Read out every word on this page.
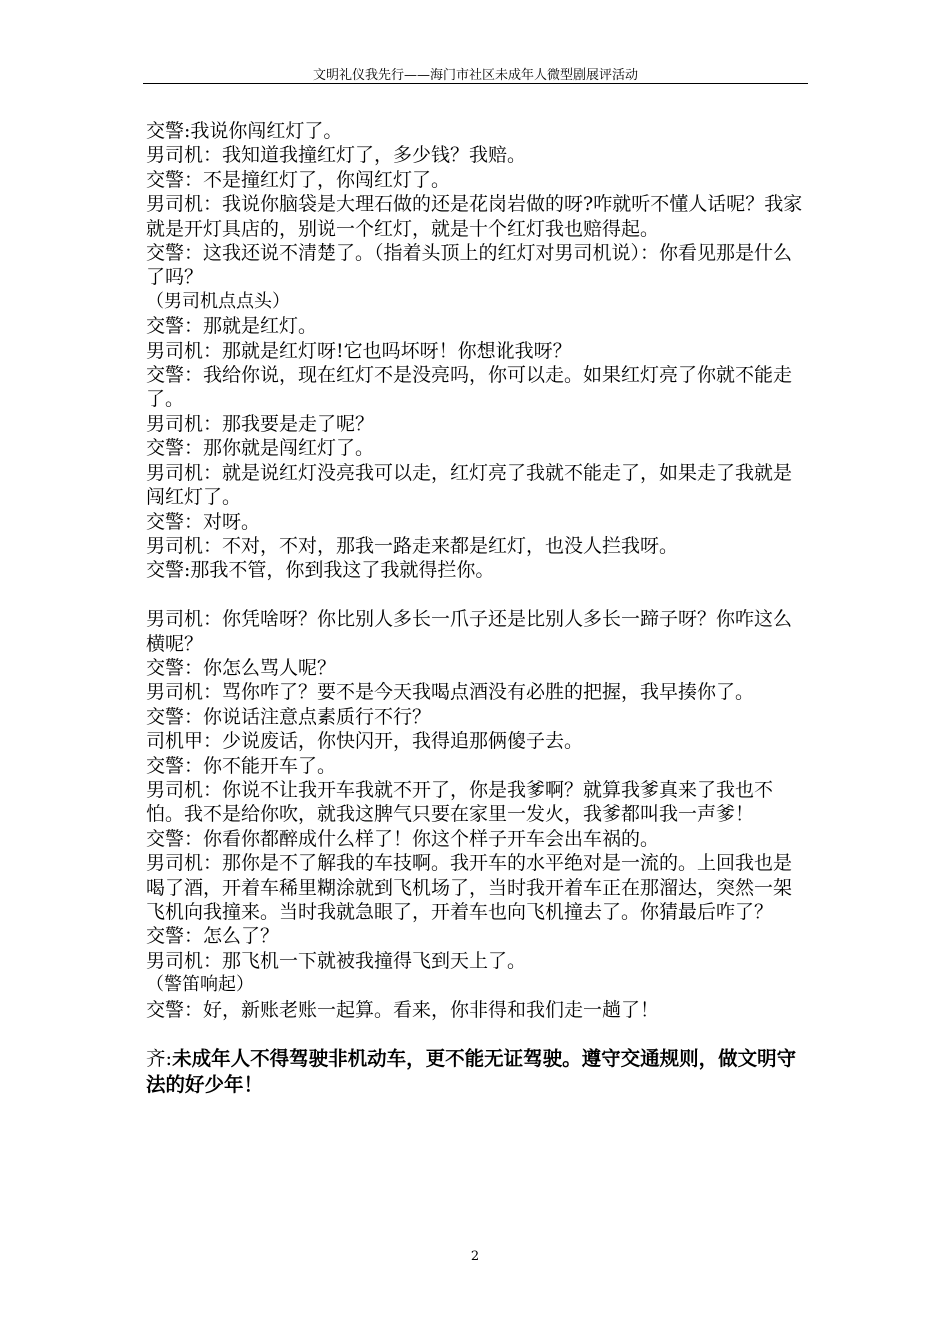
文明礼仪我先行——海门市社区未成年人微型剧展评活动

交警:我说你闯红灯了。

男司机：我知道我撞红灯了，多少钱？我赔。

交警：不是撞红灯了，你闯红灯了。

男司机：我说你脑袋是大理石做的还是花岗岩做的呀?咋就听不懂人话呢？我家就是开灯具店的，别说一个红灯，就是十个红灯我也赔得起。

交警：这我还说不清楚了。（指着头顶上的红灯对男司机说）：你看见那是什么了吗？

（男司机点点头）

交警：那就是红灯。

男司机：那就是红灯呀!它也吗坏呀！你想讹我呀？

交警：我给你说，现在红灯不是没亮吗，你可以走。如果红灯亮了你就不能走了。

男司机：那我要是走了呢？

交警：那你就是闯红灯了。

男司机：就是说红灯没亮我可以走，红灯亮了我就不能走了，如果走了我就是闯红灯了。

交警：对呀。

男司机：不对，不对，那我一路走来都是红灯，也没人拦我呀。

交警:那我不管，你到我这了我就得拦你。

男司机：你凭啥呀？你比别人多长一爪子还是比别人多长一蹄子呀？你咋这么横呢？

交警：你怎么骂人呢？

男司机：骂你咋了？要不是今天我喝点酒没有必胜的把握，我早揍你了。

交警：你说话注意点素质行不行？

司机甲：少说废话，你快闪开，我得追那俩傻子去。

交警：你不能开车了。

男司机：你说不让我开车我就不开了，你是我爹啊？就算我爹真来了我也不怕。我不是给你吹，就我这脾气只要在家里一发火，我爹都叫我一声爹！

交警：你看你都醉成什么样了！你这个样子开车会出车祸的。

男司机：那你是不了解我的车技啊。我开车的水平绝对是一流的。上回我也是喝了酒，开着车稀里糊涂就到飞机场了，当时我开着车正在那溜达，突然一架飞机向我撞来。当时我就急眼了，开着车也向飞机撞去了。你猜最后咋了？

交警：怎么了？

男司机：那飞机一下就被我撞得飞到天上了。

（警笛响起）

交警：好，新账老账一起算。看来，你非得和我们走一趟了！

齐:未成年人不得驾驶非机动车，更不能无证驾驶。遵守交通规则，做文明守法的好少年！

2
